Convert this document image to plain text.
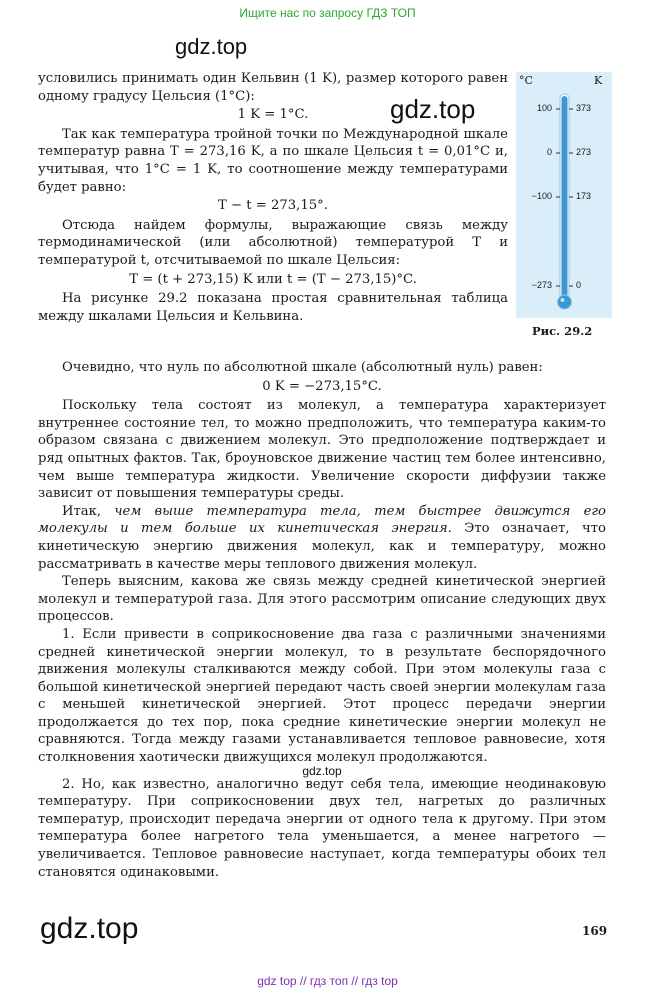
Ищите нас по запросу ГДЗ ТОП
gdz.top
gdz.top
°C	K
100
0
−100
−273
373
273
173
0
Рис. 29.2

условились принимать один Кельвин (1 K), размер которого равен одному градусу Цельсия (1°C):

1 K = 1°C.

Так как температура тройной точки по Международной шкале температур равна T = 273,16 K, а по шкале Цельсия t = 0,01°C и, учитывая, что 1°C = 1 K, то соотношение между температурами будет равно:

T − t = 273,15°.

Отсюда найдем формулы, выражающие связь между термодинамической (или абсолютной) температурой T и температурой t, отсчитываемой по шкале Цельсия:

T = (t + 273,15) K или t = (T − 273,15)°C.

На рисунке 29.2 показана простая сравнительная таблица между шкалами Цельсия и Кельвина.

Очевидно, что нуль по абсолютной шкале (абсолютный нуль) равен:

0 K = −273,15°C.

Поскольку тела состоят из молекул, а температура характеризует внутреннее состояние тел, то можно предположить, что температура каким-то образом связана с движением молекул. Это предположение подтверждает и ряд опытных фактов. Так, броуновское движение частиц тем более интенсивно, чем выше температура жидкости. Увеличение скорости диффузии также зависит от повышения температуры среды.

Итак, чем выше температура тела, тем быстрее движутся его молекулы и тем больше их кинетическая энергия. Это означает, что кинетическую энергию движения молекул, как и температуру, можно рассматривать в качестве меры теплового движения молекул.

Теперь выясним, какова же связь между средней кинетической энергией молекул и температурой газа. Для этого рассмотрим описание следующих двух процессов.

1. Если привести в соприкосновение два газа с различными значениями средней кинетической энергии молекул, то в результате беспорядочного движения молекулы сталкиваются между собой. При этом молекулы газа с большой кинетической энергией передают часть своей энергии молекулам газа с меньшей кинетической энергией. Этот процесс передачи энергии продолжается до тех пор, пока средние кинетические энергии молекул не сравняются. Тогда между газами устанавливается тепловое равновесие, хотя столкновения хаотически движущихся молекул продолжаются.

gdz.top

2. Но, как известно, аналогично ведут себя тела, имеющие неодинаковую температуру. При соприкосновении двух тел, нагретых до различных температур, происходит передача энергии от одного тела к другому. При этом температура более нагретого тела уменьшается, а менее нагретого — увеличивается. Тепловое равновесие наступает, когда температуры обоих тел становятся одинаковыми.

gdz.top	169
gdz top // гдз топ // гдз top
